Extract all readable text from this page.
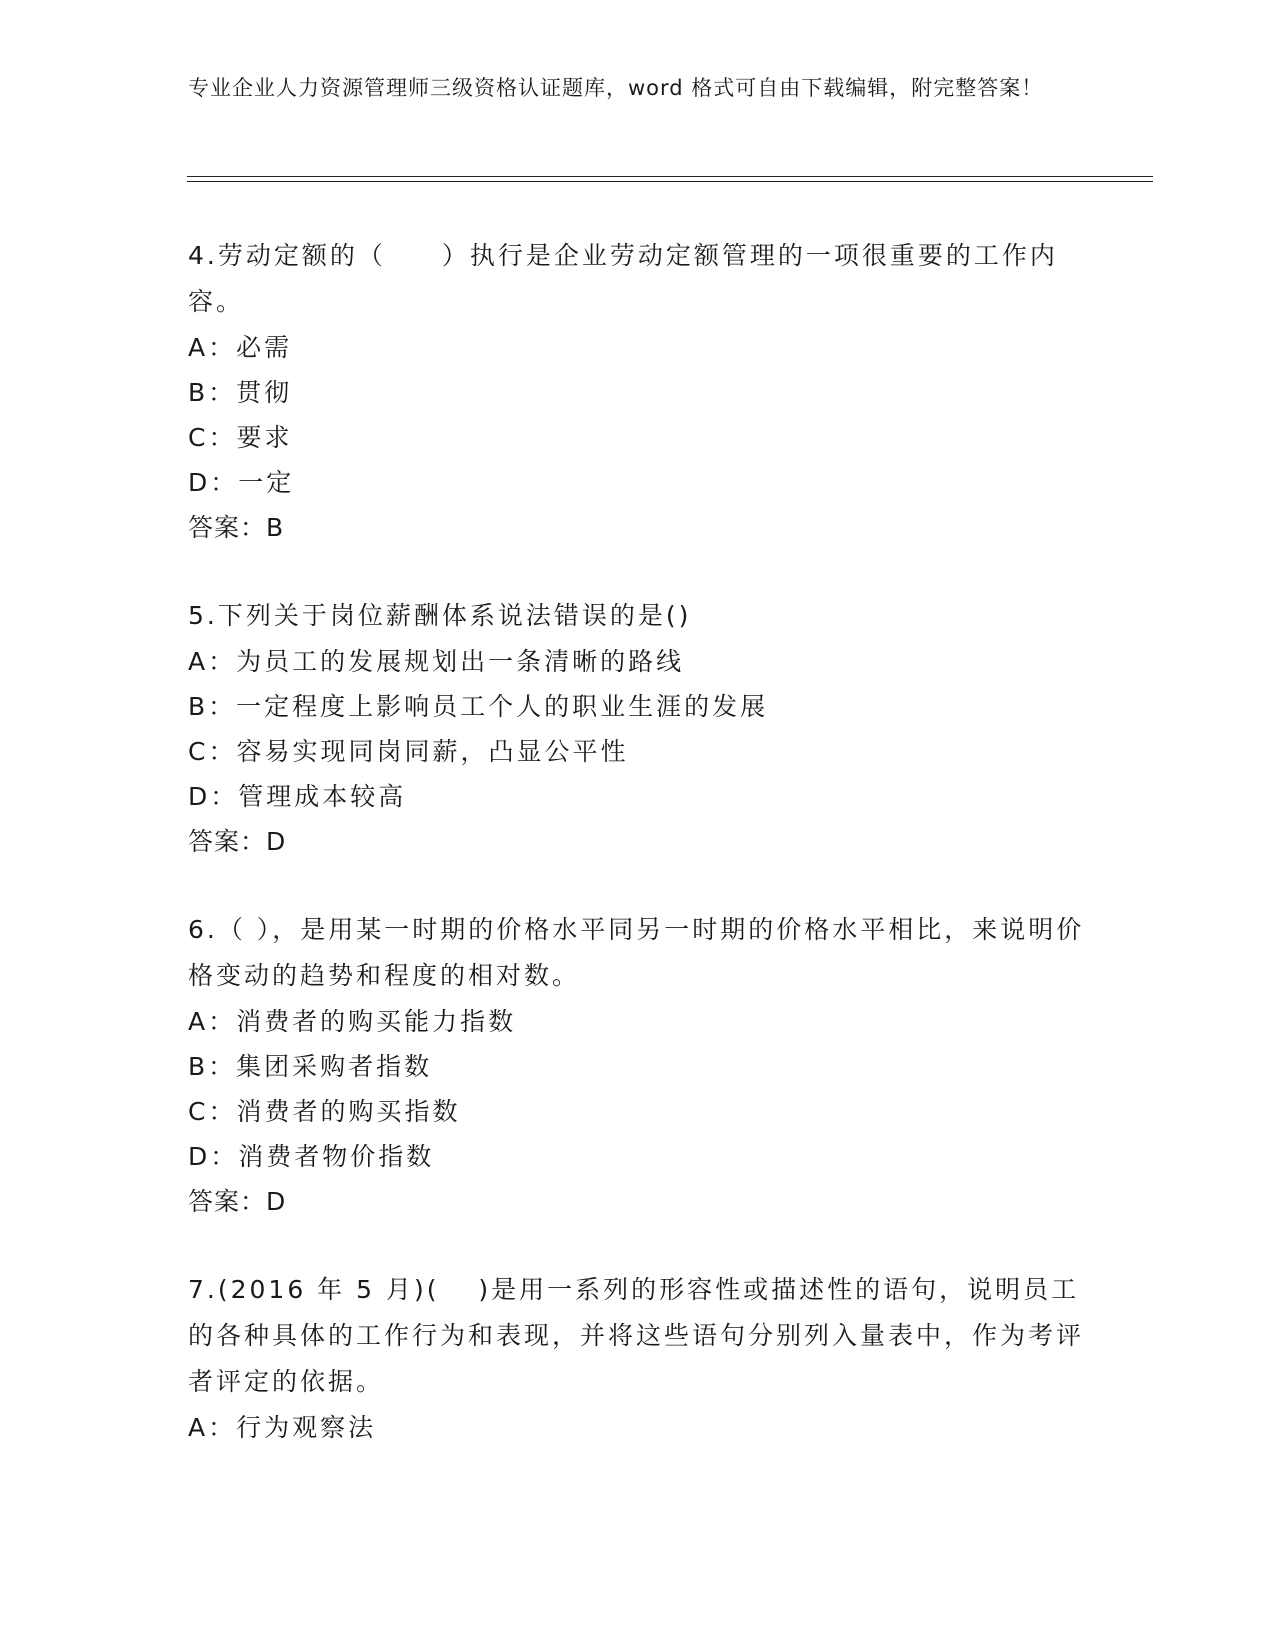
专业企业人力资源管理师三级资格认证题库，word 格式可自由下载编辑，附完整答案！
4.劳动定额的（　　）执行是企业劳动定额管理的一项很重要的工作内容。
A：必需
B：贯彻
C：要求
D：一定
答案：B
5.下列关于岗位薪酬体系说法错误的是()
A：为员工的发展规划出一条清晰的路线
B：一定程度上影响员工个人的职业生涯的发展
C：容易实现同岗同薪，凸显公平性
D：管理成本较高
答案：D
6.（ ），是用某一时期的价格水平同另一时期的价格水平相比，来说明价格变动的趋势和程度的相对数。
A：消费者的购买能力指数
B：集团采购者指数
C：消费者的购买指数
D：消费者物价指数
答案：D
7.(2016 年 5 月)(　 )是用一系列的形容性或描述性的语句，说明员工的各种具体的工作行为和表现，并将这些语句分别列入量表中，作为考评者评定的依据。
A：行为观察法
